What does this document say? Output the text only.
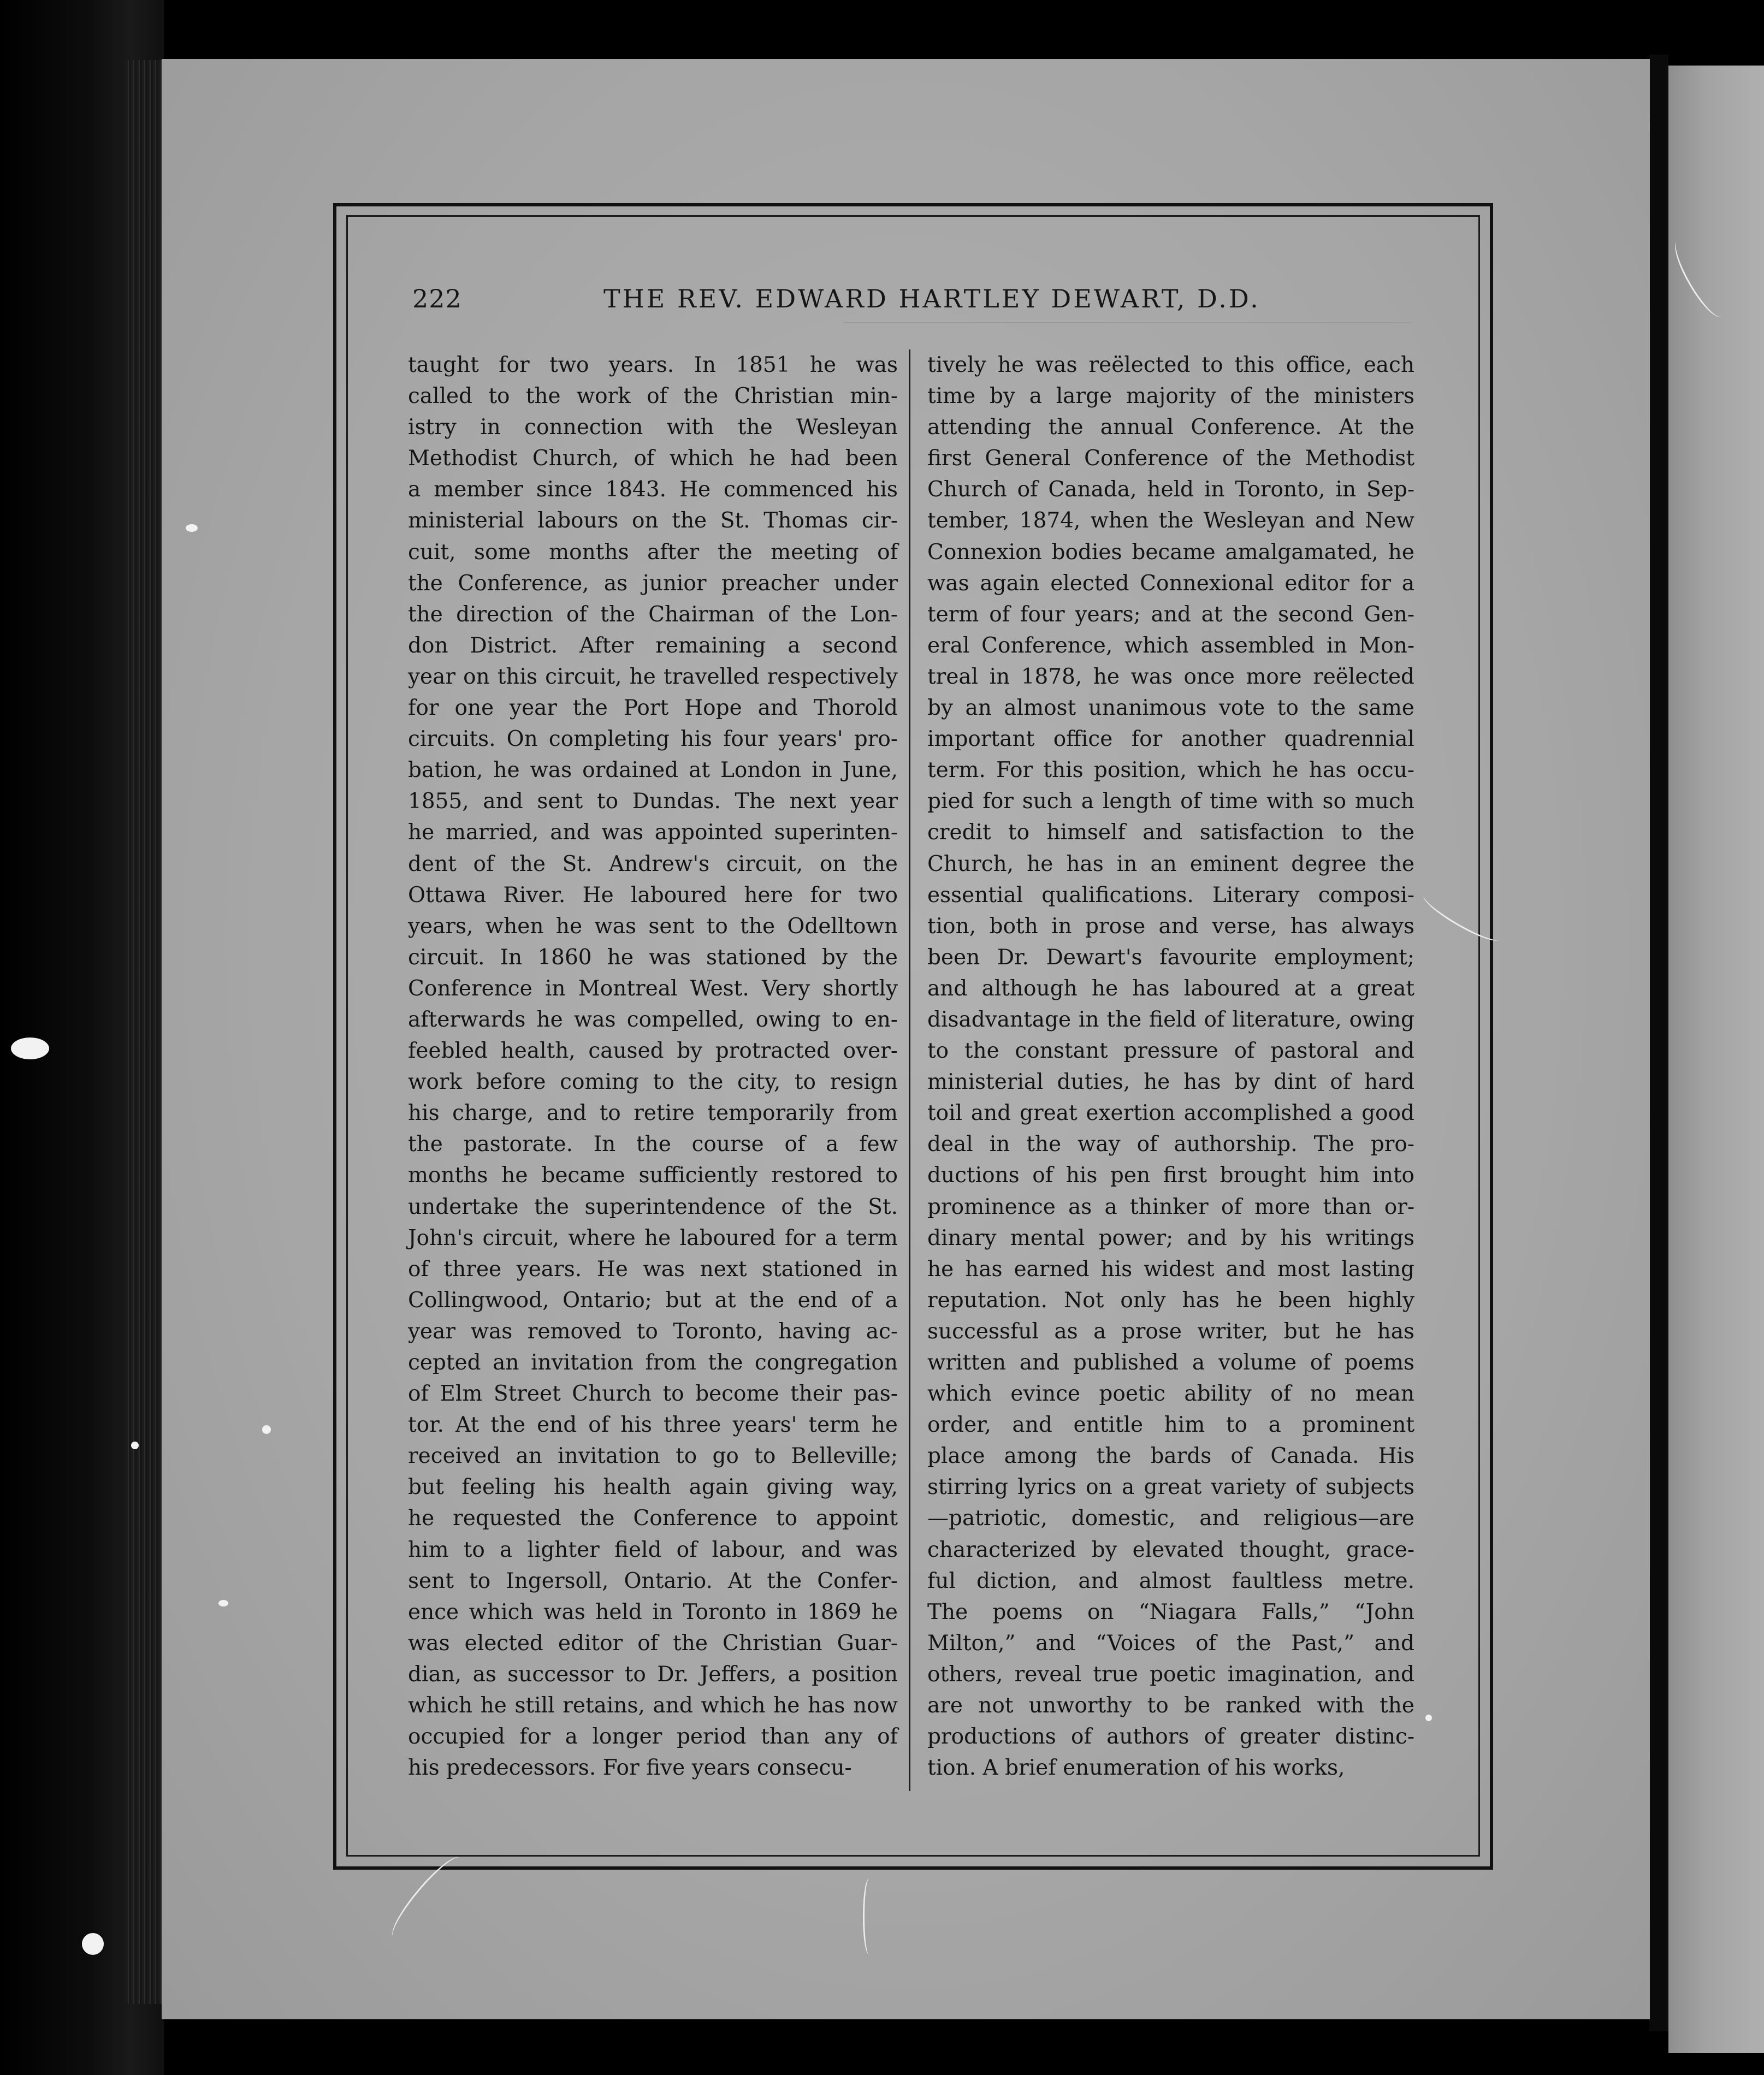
222	THE REV. EDWARD HARTLEY DEWART, D.D.
taught for two years. In 1851 he was
called to the work of the Christian min-
istry in connection with the Wesleyan
Methodist Church, of which he had been
a member since 1843. He commenced his
ministerial labours on the St. Thomas cir-
cuit, some months after the meeting of
the Conference, as junior preacher under
the direction of the Chairman of the Lon-
don District. After remaining a second
year on this circuit, he travelled respectively
for one year the Port Hope and Thorold
circuits. On completing his four years' pro-
bation, he was ordained at London in June,
1855, and sent to Dundas. The next year
he married, and was appointed superinten-
dent of the St. Andrew's circuit, on the
Ottawa River. He laboured here for two
years, when he was sent to the Odelltown
circuit. In 1860 he was stationed by the
Conference in Montreal West. Very shortly
afterwards he was compelled, owing to en-
feebled health, caused by protracted over-
work before coming to the city, to resign
his charge, and to retire temporarily from
the pastorate. In the course of a few
months he became sufficiently restored to
undertake the superintendence of the St.
John's circuit, where he laboured for a term
of three years. He was next stationed in
Collingwood, Ontario; but at the end of a
year was removed to Toronto, having ac-
cepted an invitation from the congregation
of Elm Street Church to become their pas-
tor. At the end of his three years' term he
received an invitation to go to Belleville;
but feeling his health again giving way,
he requested the Conference to appoint
him to a lighter field of labour, and was
sent to Ingersoll, Ontario. At the Confer-
ence which was held in Toronto in 1869 he
was elected editor of the Christian Guar-
dian, as successor to Dr. Jeffers, a position
which he still retains, and which he has now
occupied for a longer period than any of
his predecessors. For five years consecu-
tively he was reëlected to this office, each
time by a large majority of the ministers
attending the annual Conference. At the
first General Conference of the Methodist
Church of Canada, held in Toronto, in Sep-
tember, 1874, when the Wesleyan and New
Connexion bodies became amalgamated, he
was again elected Connexional editor for a
term of four years; and at the second Gen-
eral Conference, which assembled in Mon-
treal in 1878, he was once more reëlected
by an almost unanimous vote to the same
important office for another quadrennial
term. For this position, which he has occu-
pied for such a length of time with so much
credit to himself and satisfaction to the
Church, he has in an eminent degree the
essential qualifications. Literary composi-
tion, both in prose and verse, has always
been Dr. Dewart's favourite employment;
and although he has laboured at a great
disadvantage in the field of literature, owing
to the constant pressure of pastoral and
ministerial duties, he has by dint of hard
toil and great exertion accomplished a good
deal in the way of authorship. The pro-
ductions of his pen first brought him into
prominence as a thinker of more than or-
dinary mental power; and by his writings
he has earned his widest and most lasting
reputation. Not only has he been highly
successful as a prose writer, but he has
written and published a volume of poems
which evince poetic ability of no mean
order, and entitle him to a prominent
place among the bards of Canada. His
stirring lyrics on a great variety of subjects
—patriotic, domestic, and religious—are
characterized by elevated thought, grace-
ful diction, and almost faultless metre.
The poems on “Niagara Falls,” “John
Milton,” and “Voices of the Past,” and
others, reveal true poetic imagination, and
are not unworthy to be ranked with the
productions of authors of greater distinc-
tion. A brief enumeration of his works,
